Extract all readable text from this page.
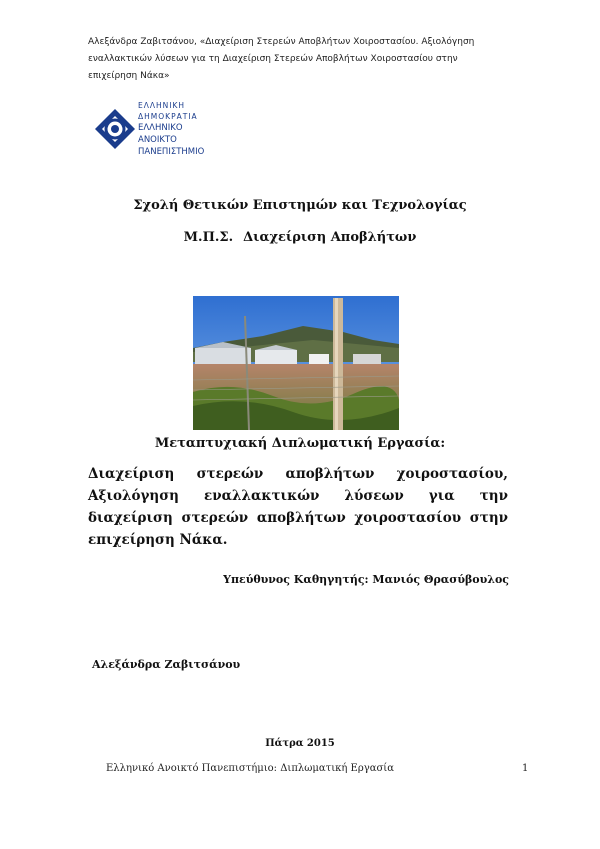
Αλεξάνδρα Ζαβιτσάνου, «Διαχείριση Στερεών Αποβλήτων Χοιροστασίου. Αξιολόγηση εναλλακτικών λύσεων για τη Διαχείριση Στερεών Αποβλήτων Χοιροστασίου στην επιχείρηση Νάκα»
ΕΛΛΗΝΙΚΗ
ΔΗΜΟΚΡΑΤΙΑ
ΕΛΛΗΝΙΚΟ ΑΝΟΙΚΤΟ
ΠΑΝΕΠΙΣΤΗΜΙΟ
Σχολή Θετικών Επιστημών και Τεχνολογίας
Μ.Π.Σ. Διαχείριση Αποβλήτων
Μεταπτυχιακή Διπλωματική Εργασία:
Διαχείριση στερεών αποβλήτων χοιροστασίου, Αξιολόγηση εναλλακτικών λύσεων για την διαχείριση στερεών αποβλήτων χοιροστασίου στην επιχείρηση Νάκα.
Υπεύθυνος Καθηγητής: Μανιός Θρασύβουλος
Αλεξάνδρα Ζαβιτσάνου
Πάτρα 2015
Ελληνικό Ανοικτό Πανεπιστήμιο: Διπλωματική Εργασία	1
